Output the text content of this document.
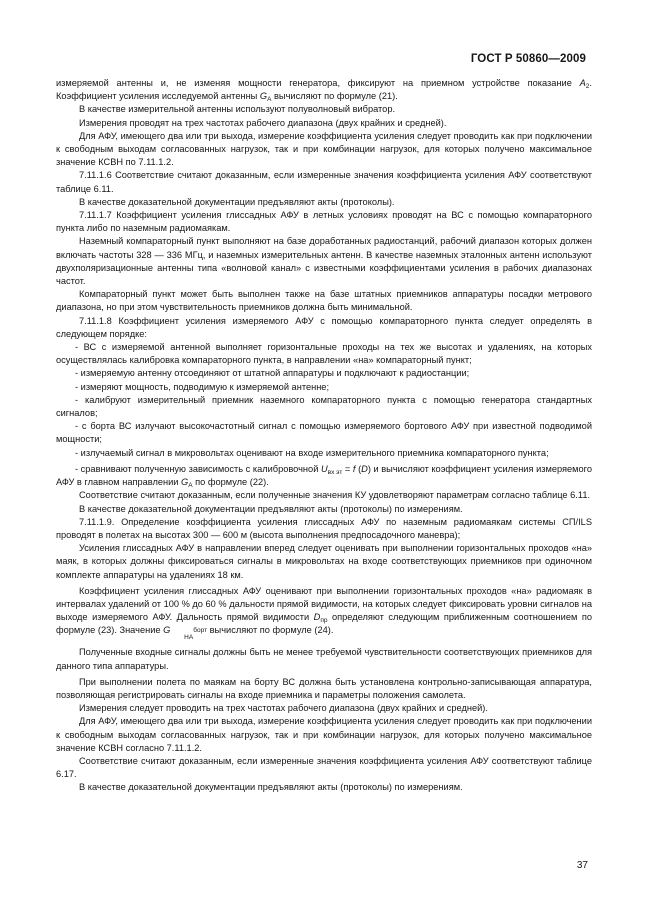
ГОСТ Р 50860—2009

измеряемой антенны и, не изменяя мощности генератора, фиксируют на приемном устройстве показание $A_2$. Коэффициент усиления исследуемой антенны $G_A$ вычисляют по формуле (21).

В качестве измерительной антенны используют полуволновый вибратор.

Измерения проводят на трех частотах рабочего диапазона (двух крайних и средней).

Для АФУ, имеющего два или три выхода, измерение коэффициента усиления следует проводить как при подключении к свободным выходам согласованных нагрузок, так и при комбинации нагрузок, для которых получено максимальное значение КСВН по 7.11.1.2.

7.11.1.6 Соответствие считают доказанным, если измеренные значения коэффициента усиления АФУ соответствуют таблице 6.11.

В качестве доказательной документации предъявляют акты (протоколы).

7.11.1.7 Коэффициент усиления глиссадных АФУ в летных условиях проводят на ВС с помощью компараторного пункта либо по наземным радиомаякам.

Наземный компараторный пункт выполняют на базе доработанных радиостанций, рабочий диапазон которых должен включать частоты 328 — 336 МГц, и наземных измерительных антенн. В качестве наземных эталонных антенн используют двухполяризационные антенны типа «волновой канал» с известными коэффициентами усиления в рабочих диапазонах частот.

Компараторный пункт может быть выполнен также на базе штатных приемников аппаратуры посадки метрового диапазона, но при этом чувствительность приемников должна быть минимальной.

7.11.1.8 Коэффициент усиления измеряемого АФУ с помощью компараторного пункта следует определять в следующем порядке:

- ВС с измеряемой антенной выполняет горизонтальные проходы на тех же высотах и удалениях, на которых осуществлялась калибровка компараторного пункта, в направлении «на» компараторный пункт;

- измеряемую антенну отсоединяют от штатной аппаратуры и подключают к радиостанции;

- измеряют мощность, подводимую к измеряемой антенне;

- калибруют измерительный приемник наземного компараторного пункта с помощью генератора стандартных сигналов;

- с борта ВС излучают высокочастотный сигнал с помощью измеряемого бортового АФУ при известной подводимой мощности;

- излучаемый сигнал в микровольтах оценивают на входе измерительного приемника компараторного пункта;

- сравнивают полученную зависимость с калибровочной $U_{вх эт} = f$ (D) и вычисляют коэффициент усиления измеряемого АФУ в главном направлении $G_A$ по формуле (22).

Соответствие считают доказанным, если полученные значения КУ удовлетворяют параметрам согласно таблице 6.11.

В качестве доказательной документации предъявляют акты (протоколы) по измерениям.

7.11.1.9. Определение коэффициента усиления глиссадных АФУ по наземным радиомаякам системы СП/ILS проводят в полетах на высотах 300 — 600 м (высота выполнения предпосадочного маневра);

Усиления глиссадных АФУ в направлении вперед следует оценивать при выполнении горизонтальных проходов «на» маяк, в которых должны фиксироваться сигналы в микровольтах на входе соответствующих приемников при одиночном комплекте аппаратуры на удалениях 18 км.

Коэффициент усиления глиссадных АФУ оценивают при выполнении горизонтальных проходов «на» радиомаяк в интервалах удалений от 100 % до 60 % дальности прямой видимости, на которых следует фиксировать уровни сигналов на выходе измеряемого АФУ. Дальность прямой видимости $D_{пр}$ определяют следующим приближенным соотношением по формуле (23). Значение G	борт
НА вычисляют по формуле (24).

Полученные входные сигналы должны быть не менее требуемой чувствительности соответствующих приемников для данного типа аппаратуры.

При выполнении полета по маякам на борту ВС должна быть установлена контрольно-записывающая аппаратура, позволяющая регистрировать сигналы на входе приемника и параметры положения самолета.

Измерения следует проводить на трех частотах рабочего диапазона (двух крайних и средней).

Для АФУ, имеющего два или три выхода, измерение коэффициента усиления следует проводить как при подключении к свободным выходам согласованных нагрузок, так и при комбинации нагрузок, для которых получено максимальное значение КСВН согласно 7.11.1.2.

Соответствие считают доказанным, если измеренные значения коэффициента усиления АФУ соответствуют таблице 6.17.

В качестве доказательной документации предъявляют акты (протоколы) по измерениям.

37
